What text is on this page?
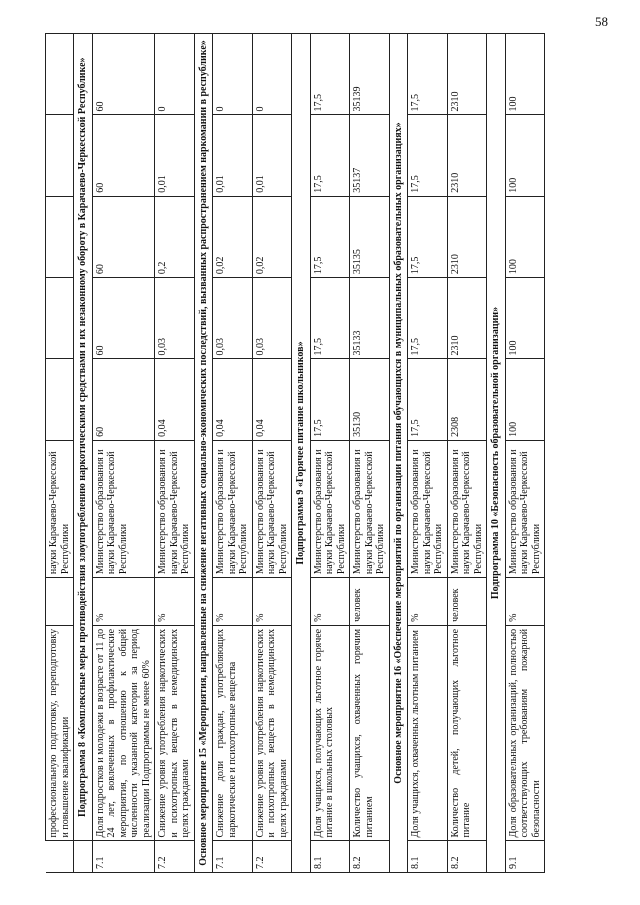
58
	профессиональную подготовку, переподготовку и повышение квалификации		науки Карачаево-Черкесской Республики					
	Подпрограмма 8 «Комплексные меры противодействия злоупотреблению наркотическими средствами и их незаконному обороту в Карачаево-Черкесской Республике»							
7.1	Доля подростков и молодежи в возрасте от 11 до 24 лет, вовлеченных в профилактические мероприятия, по отношению к общей численности указанной категории за период реализации Подпрограммы не менее 60%	%	Министерство образования и науки Карачаево-Черкесской Республики	60	60	60	60	60
7.2	Снижение уровня употребления наркотических и психотропных веществ в немедицинских целях гражданами	%	Министерство образования и науки Карачаево-Черкесской Республики	0,04	0,03	0,2	0,01	0
Основное мероприятие 15 «Мероприятия, направленные на снижение негативных социально-экономических последствий, вызванных распространением наркомании в республике»								
7.1	Снижение доли граждан, употребляющих наркотические и психотропные вещества	%	Министерство образования и науки Карачаево-Черкесской Республики	0,04	0,03	0,02	0,01	0
7.2	Снижение уровня употребления наркотических и психотропных веществ в немедицинских целях гражданами	%	Министерство образования и науки Карачаево-Черкесской Республики	0,04	0,03	0,02	0,01	0
Подпрограмма 9 «Горячее питание школьников»								
8.1	Доля учащихся, получающих льготное горячее питание в школьных столовых	%	Министерство образования и науки Карачаево-Черкесской Республики	17,5	17,5	17,5	17,5	17,5
8.2	Количество учащихся, охваченных горячим питанием	человек	Министерство образования и науки Карачаево-Черкесской Республики	35130	35133	35135	35137	35139
Основное мероприятие 16 «Обеспечение мероприятий по организации питания обучающихся в муниципальных образовательных организациях»								
8.1	Доля учащихся, охваченных льготным питанием	%	Министерство образования и науки Карачаево-Черкесской Республики	17,5	17,5	17,5	17,5	17,5
8.2	Количество детей, получающих льготное питание	человек	Министерство образования и науки Карачаево-Черкесской Республики	2308	2310	2310	2310	2310
Подпрограмма 10 «Безопасность образовательной организации»								
9.1	Доля образовательных организаций, полностью соответствующих требованиям пожарной безопасности	%	Министерство образования и науки Карачаево-Черкесской Республики	100	100	100	100	100
